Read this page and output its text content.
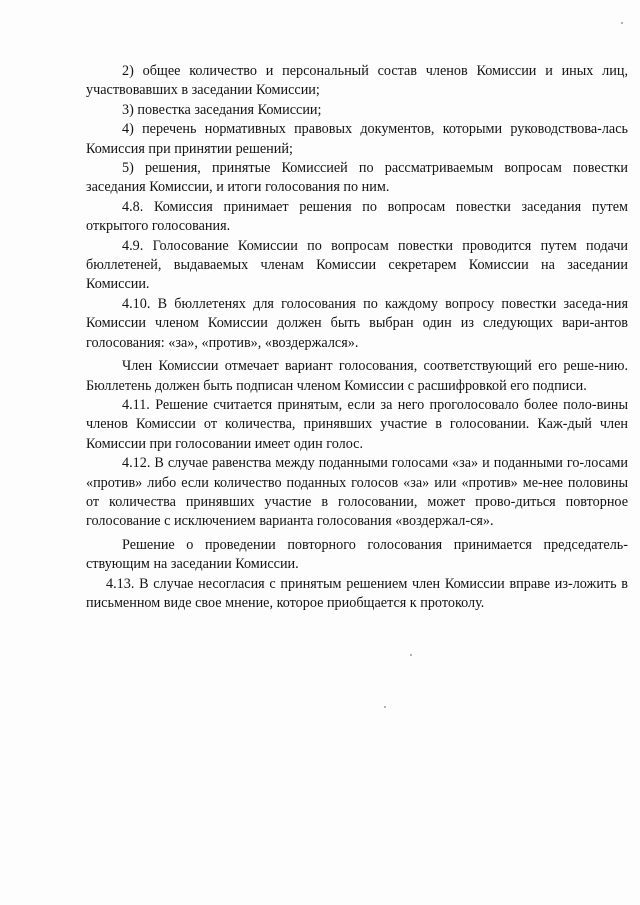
2) общее количество и персональный состав членов Комиссии и иных лиц, участвовавших в заседании Комиссии;

3) повестка заседания Комиссии;

4) перечень нормативных правовых документов, которыми руководствова-лась Комиссия при принятии решений;

5) решения, принятые Комиссией по рассматриваемым вопросам повестки заседания Комиссии, и итоги голосования по ним.

4.8. Комиссия принимает решения по вопросам повестки заседания путем открытого голосования.

4.9. Голосование Комиссии по вопросам повестки проводится путем подачи бюллетеней, выдаваемых членам Комиссии секретарем Комиссии на заседании Комиссии.

4.10. В бюллетенях для голосования по каждому вопросу повестки заседа-ния Комиссии членом Комиссии должен быть выбран один из следующих вари-антов голосования: «за», «против», «воздержался».

Член Комиссии отмечает вариант голосования, соответствующий его реше-нию. Бюллетень должен быть подписан членом Комиссии с расшифровкой его подписи.

4.11. Решение считается принятым, если за него проголосовало более поло-вины членов Комиссии от количества, принявших участие в голосовании. Каж-дый член Комиссии при голосовании имеет один голос.

4.12. В случае равенства между поданными голосами «за» и поданными го-лосами «против» либо если количество поданных голосов «за» или «против» ме-нее половины от количества принявших участие в голосовании, может прово-диться повторное голосование с исключением варианта голосования «воздержал-ся».

Решение о проведении повторного голосования принимается председатель-ствующим на заседании Комиссии.

4.13. В случае несогласия с принятым решением член Комиссии вправе из-ложить в письменном виде свое мнение, которое приобщается к протоколу.
